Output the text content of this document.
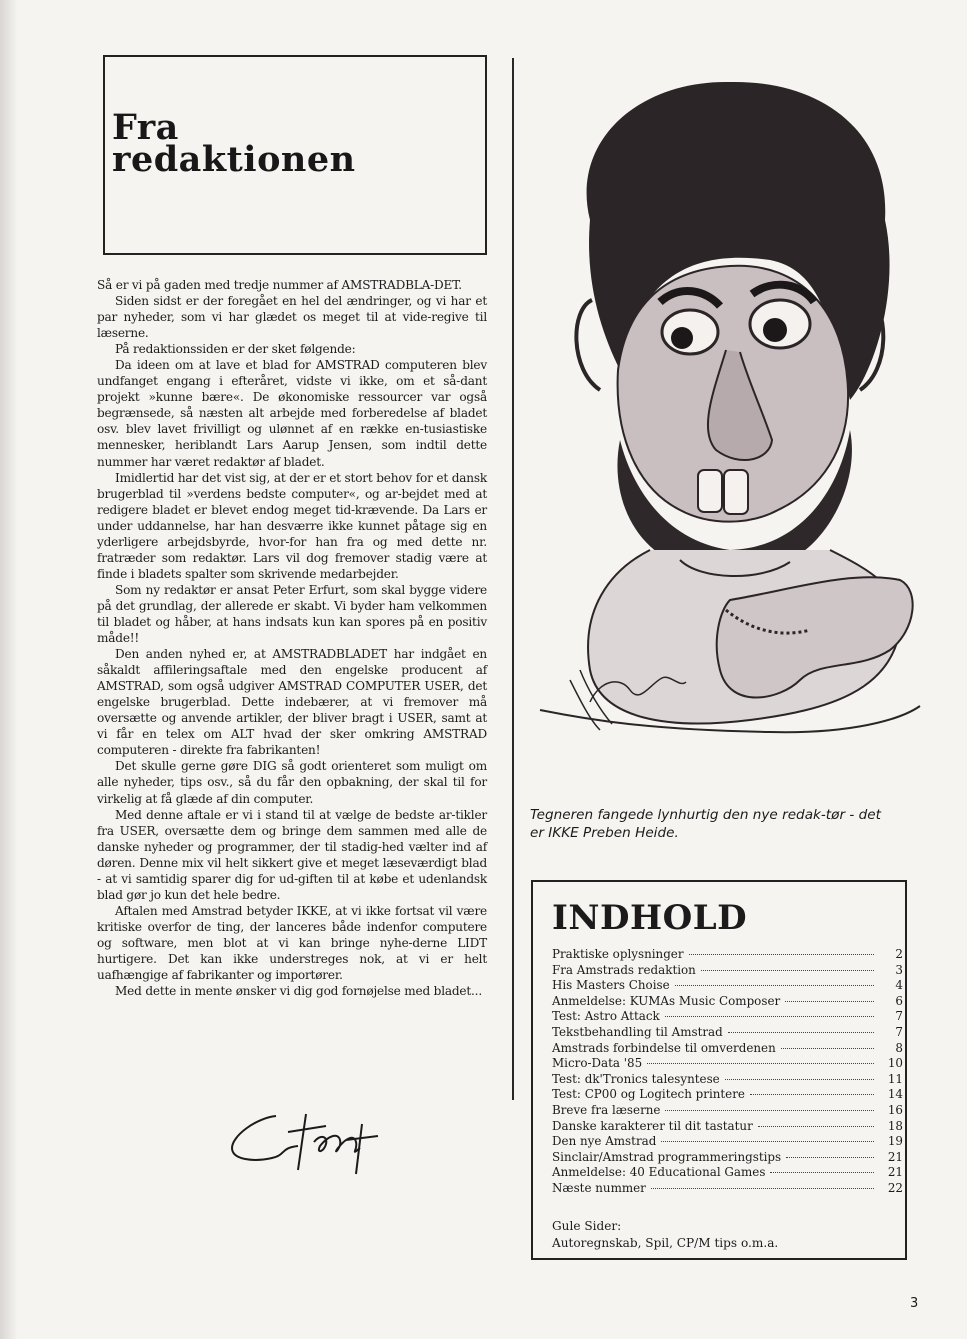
Fra
redaktionen

Så er vi på gaden med tredje nummer af AMSTRADBLA-DET.

Siden sidst er der foregået en hel del ændringer, og vi har et par nyheder, som vi har glædet os meget til at vide-regive til læserne.

På redaktionssiden er der sket følgende:

Da ideen om at lave et blad for AMSTRAD computeren blev undfanget engang i efteråret, vidste vi ikke, om et så-dant projekt »kunne bære«. De økonomiske ressourcer var også begrænsede, så næsten alt arbejde med forberedelse af bladet osv. blev lavet frivilligt og ulønnet af en række en-tusiastiske mennesker, heriblandt Lars Aarup Jensen, som indtil dette nummer har været redaktør af bladet.

Imidlertid har det vist sig, at der er et stort behov for et dansk brugerblad til »verdens bedste computer«, og ar-bejdet med at redigere bladet er blevet endog meget tid-krævende. Da Lars er under uddannelse, har han desværre ikke kunnet påtage sig en yderligere arbejdsbyrde, hvor-for han fra og med dette nr. fratræder som redaktør. Lars vil dog fremover stadig være at finde i bladets spalter som skrivende medarbejder.

Som ny redaktør er ansat Peter Erfurt, som skal bygge videre på det grundlag, der allerede er skabt. Vi byder ham velkommen til bladet og håber, at hans indsats kun kan spores på en positiv måde!!

Den anden nyhed er, at AMSTRADBLADET har indgået en såkaldt affileringsaftale med den engelske producent af AMSTRAD, som også udgiver AMSTRAD COMPUTER USER, det engelske brugerblad. Dette indebærer, at vi fremover må oversætte og anvende artikler, der bliver bragt i USER, samt at vi får en telex om ALT hvad der sker omkring AMSTRAD computeren - direkte fra fabrikanten!

Det skulle gerne gøre DIG så godt orienteret som muligt om alle nyheder, tips osv., så du får den opbakning, der skal til for virkelig at få glæde af din computer.

Med denne aftale er vi i stand til at vælge de bedste ar-tikler fra USER, oversætte dem og bringe dem sammen med alle de danske nyheder og programmer, der til stadig-hed vælter ind af døren. Denne mix vil helt sikkert give et meget læseværdigt blad - at vi samtidig sparer dig for ud-giften til at købe et udenlandsk blad gør jo kun det hele bedre.

Aftalen med Amstrad betyder IKKE, at vi ikke fortsat vil være kritiske overfor de ting, der lanceres både indenfor computere og software, men blot at vi kan bringe nyhe-derne LIDT hurtigere. Det kan ikke understreges nok, at vi er helt uafhængige af fabrikanter og importører.

Med dette in mente ønsker vi dig god fornøjelse med bladet...

Tegneren fangede lynhurtig den nye redak-tør - det er IKKE Preben Heide.
INDHOLD
Praktiske oplysninger	2
Fra Amstrads redaktion	3
His Masters Choise	4
Anmeldelse: KUMAs Music Composer	6
Test: Astro Attack	7
Tekstbehandling til Amstrad	7
Amstrads forbindelse til omverdenen	8
Micro-Data '85	10
Test: dk'Tronics talesyntese	11
Test: CP00 og Logitech printere	14
Breve fra læserne	16
Danske karakterer til dit tastatur	18
Den nye Amstrad	19
Sinclair/Amstrad programmeringstips	21
Anmeldelse: 40 Educational Games	21
Næste nummer	22
Gule Sider:
Autoregnskab, Spil, CP/M tips o.m.a.
3
